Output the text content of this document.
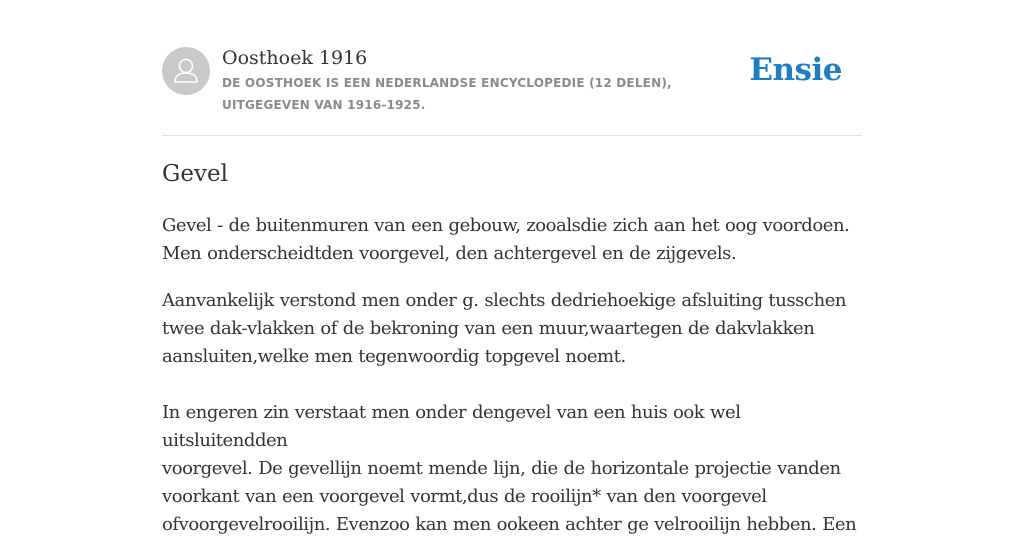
Oosthoek 1916
DE OOSTHOEK IS EEN NEDERLANDSE ENCYCLOPEDIE (12 DELEN), UITGEGEVEN VAN 1916-1925.
Ensie
Gevel

Gevel - de buitenmuren van een gebouw, zooalsdie zich aan het oog voordoen.
Men onderscheidtden voorgevel, den achtergevel en de zijgevels.

Aanvankelijk verstond men onder g. slechts dedriehoekige afsluiting tusschen
twee dak-vlakken of de bekroning van een muur,waartegen de dakvlakken
aansluiten,welke men tegenwoordig topgevel noemt.

In engeren zin verstaat men onder dengevel van een huis ook wel uitsluitendden
voorgevel. De gevellijn noemt mende lijn, die de horizontale projectie vanden
voorkant van een voorgevel vormt,dus de rooilijn* van den voorgevel
ofvoorgevelrooilijn. Evenzoo kan men ookeen achter ge velrooilijn hebben. Een
